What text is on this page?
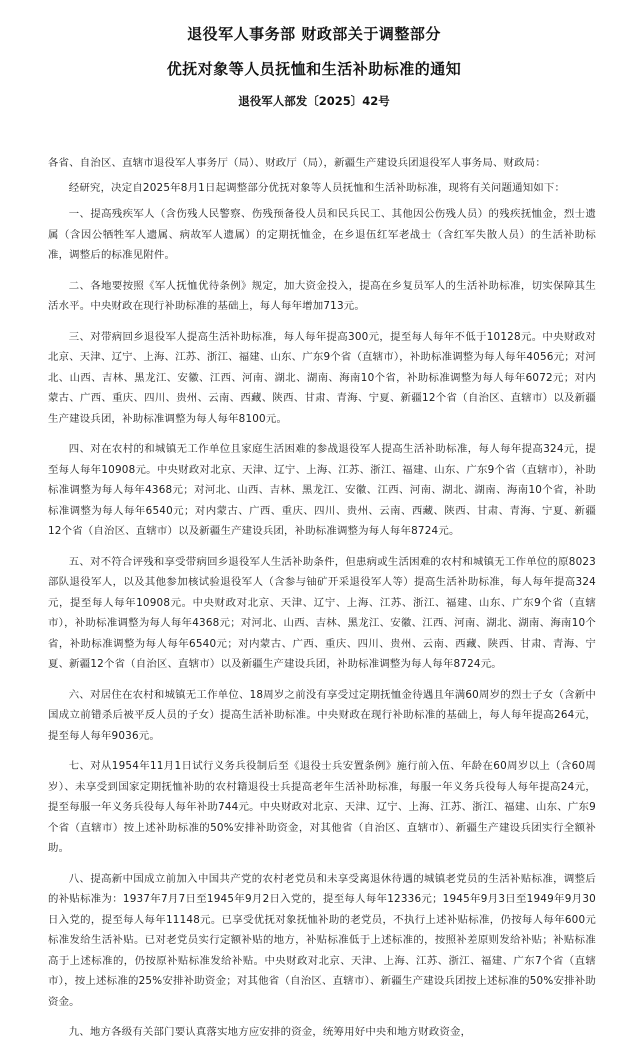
退役军人事务部 财政部关于调整部分
优抚对象等人员抚恤和生活补助标准的通知
退役军人部发〔2025〕42号

各省、自治区、直辖市退役军人事务厅（局）、财政厅（局），新疆生产建设兵团退役军人事务局、财政局：

经研究，决定自2025年8月1日起调整部分优抚对象等人员抚恤和生活补助标准，现将有关问题通知如下：

一、提高残疾军人（含伤残人民警察、伤残预备役人员和民兵民工、其他因公伤残人员）的残疾抚恤金，烈士遗属（含因公牺牲军人遗属、病故军人遗属）的定期抚恤金，在乡退伍红军老战士（含红军失散人员）的生活补助标准，调整后的标准见附件。

二、各地要按照《军人抚恤优待条例》规定，加大资金投入，提高在乡复员军人的生活补助标准，切实保障其生活水平。中央财政在现行补助标准的基础上，每人每年增加713元。

三、对带病回乡退役军人提高生活补助标准，每人每年提高300元，提至每人每年不低于10128元。中央财政对北京、天津、辽宁、上海、江苏、浙江、福建、山东、广东9个省（直辖市），补助标准调整为每人每年4056元；对河北、山西、吉林、黑龙江、安徽、江西、河南、湖北、湖南、海南10个省，补助标准调整为每人每年6072元；对内蒙古、广西、重庆、四川、贵州、云南、西藏、陕西、甘肃、青海、宁夏、新疆12个省（自治区、直辖市）以及新疆生产建设兵团，补助标准调整为每人每年8100元。

四、对在农村的和城镇无工作单位且家庭生活困难的参战退役军人提高生活补助标准，每人每年提高324元，提至每人每年10908元。中央财政对北京、天津、辽宁、上海、江苏、浙江、福建、山东、广东9个省（直辖市），补助标准调整为每人每年4368元；对河北、山西、吉林、黑龙江、安徽、江西、河南、湖北、湖南、海南10个省，补助标准调整为每人每年6540元；对内蒙古、广西、重庆、四川、贵州、云南、西藏、陕西、甘肃、青海、宁夏、新疆12个省（自治区、直辖市）以及新疆生产建设兵团，补助标准调整为每人每年8724元。

五、对不符合评残和享受带病回乡退役军人生活补助条件，但患病或生活困难的农村和城镇无工作单位的原8023部队退役军人，以及其他参加核试验退役军人（含参与铀矿开采退役军人等）提高生活补助标准，每人每年提高324元，提至每人每年10908元。中央财政对北京、天津、辽宁、上海、江苏、浙江、福建、山东、广东9个省（直辖市），补助标准调整为每人每年4368元；对河北、山西、吉林、黑龙江、安徽、江西、河南、湖北、湖南、海南10个省，补助标准调整为每人每年6540元；对内蒙古、广西、重庆、四川、贵州、云南、西藏、陕西、甘肃、青海、宁夏、新疆12个省（自治区、直辖市）以及新疆生产建设兵团，补助标准调整为每人每年8724元。

六、对居住在农村和城镇无工作单位、18周岁之前没有享受过定期抚恤金待遇且年满60周岁的烈士子女（含新中国成立前错杀后被平反人员的子女）提高生活补助标准。中央财政在现行补助标准的基础上，每人每年提高264元，提至每人每年9036元。

七、对从1954年11月1日试行义务兵役制后至《退役士兵安置条例》施行前入伍、年龄在60周岁以上（含60周岁）、未享受到国家定期抚恤补助的农村籍退役士兵提高老年生活补助标准，每服一年义务兵役每人每年提高24元，提至每服一年义务兵役每人每年补助744元。中央财政对北京、天津、辽宁、上海、江苏、浙江、福建、山东、广东9个省（直辖市）按上述补助标准的50%安排补助资金，对其他省（自治区、直辖市）、新疆生产建设兵团实行全额补助。

八、提高新中国成立前加入中国共产党的农村老党员和未享受离退休待遇的城镇老党员的生活补贴标准，调整后的补贴标准为：1937年7月7日至1945年9月2日入党的，提至每人每年12336元；1945年9月3日至1949年9月30日入党的，提至每人每年11148元。已享受优抚对象抚恤补助的老党员，不执行上述补贴标准，仍按每人每年600元标准发给生活补贴。已对老党员实行定额补贴的地方，补贴标准低于上述标准的，按照补差原则发给补贴；补贴标准高于上述标准的，仍按原补贴标准发给补贴。中央财政对北京、天津、上海、江苏、浙江、福建、广东7个省（直辖市），按上述标准的25%安排补助资金；对其他省（自治区、直辖市）、新疆生产建设兵团按上述标准的50%安排补助资金。

九、地方各级有关部门要认真落实地方应安排的资金，统筹用好中央和地方财政资金，
